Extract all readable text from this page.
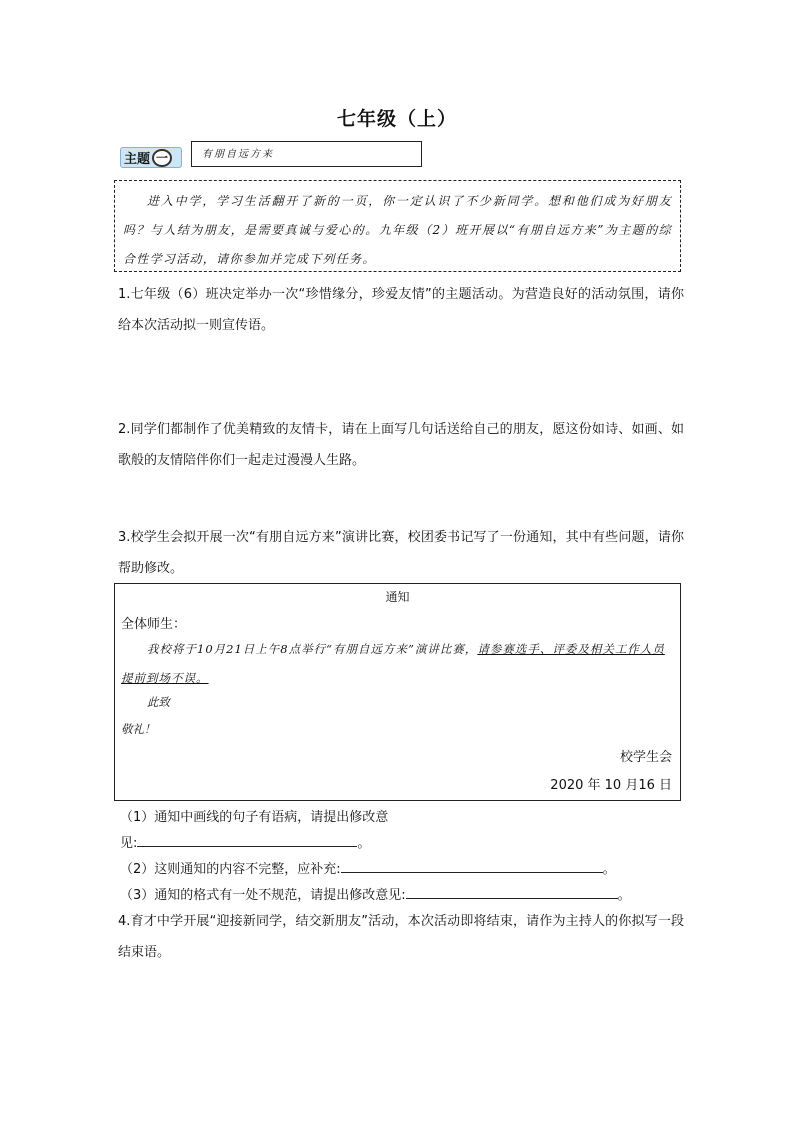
七年级（上）
主题 一	有朋自远方来
进入中学，学习生活翻开了新的一页，你一定认识了不少新同学。想和他们成为好朋友吗？与人结为朋友，是需要真诚与爱心的。九年级（2）班开展以“有朋自远方来”为主题的综合性学习活动，请你参加并完成下列任务。
1.七年级（6）班决定举办一次“珍惜缘分，珍爱友情”的主题活动。为营造良好的活动氛围，请你给本次活动拟一则宣传语。
2.同学们都制作了优美精致的友情卡，请在上面写几句话送给自己的朋友，愿这份如诗、如画、如歌般的友情陪伴你们一起走过漫漫人生路。
3.校学生会拟开展一次“有朋自远方来”演讲比赛，校团委书记写了一份通知，其中有些问题，请你帮助修改。
通知
全体师生：
我校将于10月21日上午8点举行“有朋自远方来”演讲比赛，请参赛选手、评委及相关工作人员提前到场不误。
此致
敬礼！
校学生会
2020 年 10 月16 日
（1）通知中画线的句子有语病，请提出修改意
见:	。
（2）这则通知的内容不完整，应补充:	。
（3）通知的格式有一处不规范，请提出修改意见:	。
4.育才中学开展“迎接新同学，结交新朋友”活动，本次活动即将结束，请作为主持人的你拟写一段结束语。
